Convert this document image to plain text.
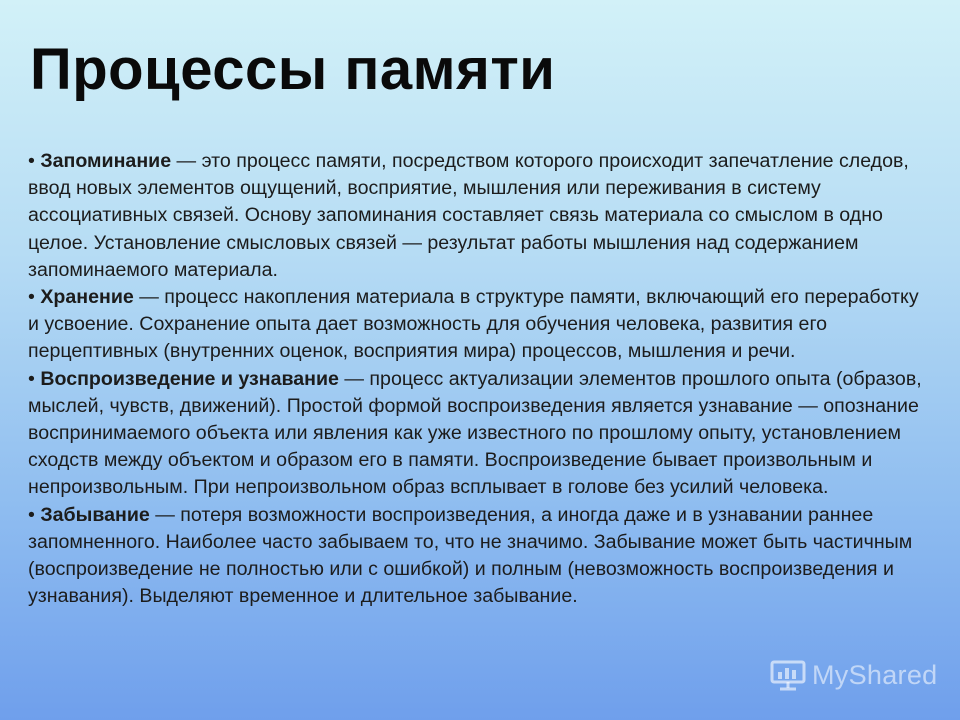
Процессы памяти

• Запоминание — это процесс памяти, посредством которого происходит запечатление следов, ввод новых элементов ощущений, восприятие, мышления или переживания в систему ассоциативных связей. Основу запоминания составляет связь материала со смыслом в одно целое. Установление смысловых связей — результат работы мышления над содержанием запоминаемого материала.

• Хранение — процесс накопления материала в структуре памяти, включающий его переработку и усвоение. Сохранение опыта дает возможность для обучения человека, развития его перцептивных (внутренних оценок, восприятия мира) процессов, мышления и речи.

• Воспроизведение и узнавание — процесс актуализации элементов прошлого опыта (образов, мыслей, чувств, движений). Простой формой воспроизведения является узнавание — опознание воспринимаемого объекта или явления как уже известного по прошлому опыту, установлением сходств между объектом и образом его в памяти. Воспроизведение бывает произвольным и непроизвольным. При непроизвольном образ всплывает в голове без усилий человека.

• Забывание — потеря возможности воспроизведения, а иногда даже и в узнавании раннее запомненного. Наиболее часто забываем то, что не значимо. Забывание может быть частичным (воспроизведение не полностью или с ошибкой) и полным (невозможность воспроизведения и узнавания). Выделяют временное и длительное забывание.

MyShared
